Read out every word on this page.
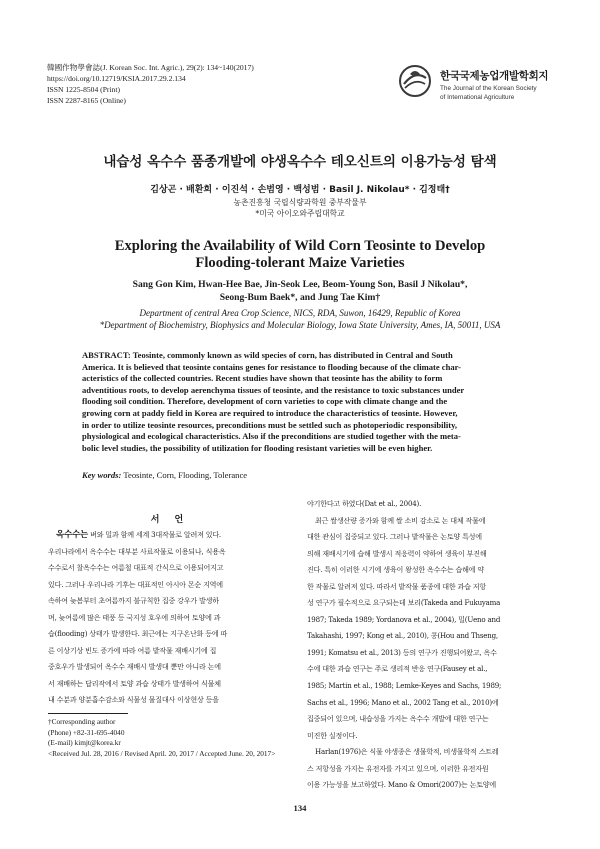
韓國作物學會誌(J. Korean Soc. Int. Agric.), 29(2): 134~140(2017)
https://doi.org/10.12719/KSIA.2017.29.2.134
ISSN 1225-8504 (Print)
ISSN 2287-8165 (Online)
한국국제농업개발학회지
The Journal of the Korean Society
of International Agriculture
내습성 옥수수 품종개발에 야생옥수수 테오신트의 이용가능성 탐색
김상곤 · 배환희 · 이진석 · 손범영 · 백성범 · Basil J. Nikolau* · 김정태†
농촌진흥청 국립식량과학원 중부작물부
*미국 아이오와주립대학교
Exploring the Availability of Wild Corn Teosinte to Develop
Flooding-tolerant Maize Varieties
Sang Gon Kim, Hwan-Hee Bae, Jin-Seok Lee, Beom-Young Son, Basil J Nikolau*,
Seong-Bum Baek*, and Jung Tae Kim†
Department of central Area Crop Science, NICS, RDA, Suwon, 16429, Republic of Korea
*Department of Biochemistry, Biophysics and Molecular Biology, Iowa State University, Ames, IA, 50011, USA
ABSTRACT: Teosinte, commonly known as wild species of corn, has distributed in Central and South
America. It is believed that teosinte contains genes for resistance to flooding because of the climate char-
acteristics of the collected countries. Recent studies have shown that teosinte has the ability to form
adventitious roots, to develop aerenchyma tissues of teosinte, and the resistance to toxic substances under
flooding soil condition. Therefore, development of corn varieties to cope with climate change and the
growing corn at paddy field in Korea are required to introduce the characteristics of teosinte. However,
in order to utilize teosinte resources, preconditions must be settled such as photoperiodic responsibility,
physiological and ecological characteristics. Also if the preconditions are studied together with the meta-
bolic level studies, the possibility of utilization for flooding resistant varieties will be even higher.
Key words: Teosinte, Corn, Flooding, Tolerance
서 언
옥수수는 벼와 밀과 함께 세계 3대작물로 알려져 있다.
우리나라에서 옥수수는 대부분 사료작물로 이용되나, 식용옥
수수로서 찰옥수수는 여름철 대표적 간식으로 이용되어지고
있다. 그러나 우리나라 기후는 대표적인 아시아 몬순 지역에
속하여 늦봄부터 초여름까지 불규칙한 집중 강우가 발생하
며, 늦여름에 많은 태풍 등 국지성 호우에 의하여 토양에 과
습(flooding) 상태가 발생한다. 최근에는 지구온난화 등에 따
른 이상기상 빈도 증가에 따라 여름 밭작물 재배시기에 집
중호우가 발생되어 옥수수 재배시 발생대 뿐만 아니라 논에
서 재배하는 답리작에서 토양 과습 상태가 발생하여 식물체
내 수분과 양분흡수감소와 식물성 물질대사 이상현상 등을
야기한다고 하였다(Dat et al., 2004).
최근 쌀생산량 증가와 함께 쌀 소비 감소로 논 대체 작물에
대한 관심이 집중되고 있다. 그러나 밭작물은 논토양 특성에
의해 재배시기에 습해 발생시 적응력이 약하여 생육이 부진해
진다. 특히 이러한 시기에 생육이 왕성한 옥수수는 습해에 약
한 작물로 알려져 있다. 따라서 밭작물 품종에 대한 과습 저항
성 연구가 필수적으로 요구되는데 보리(Takeda and Fukuyama
1987; Takeda 1989; Yordanova et al., 2004), 밀(Ueno and
Takahashi, 1997; Kong et al., 2010), 콩(Hou and Thseng,
1991; Komatsu et al., 2013) 등의 연구가 진행되어왔고, 옥수
수에 대한 과습 연구는 주로 생리적 반응 연구(Fausey et al.,
1985; Martin et al., 1988; Lemke-Keyes and Sachs, 1989;
Sachs et al., 1996; Mano et al., 2002 Tang et al., 2010)에
집중되어 있으며, 내습성을 가지는 옥수수 개발에 대한 연구는
미진한 실정이다.
Harlan(1976)은 식물 야생종은 생물학적, 비생물학적 스트레
스 저항성을 가지는 유전자를 가지고 있으며, 이러한 유전자원
이용 가능성을 보고하였다. Mano & Omori(2007)는 논토양에
†Corresponding author
(Phone) +82-31-695-4040
(E-mail) kimjt@korea.kr
<Received Jul. 28, 2016 / Revised April. 20, 2017 / Accepted June. 20, 2017>
134
